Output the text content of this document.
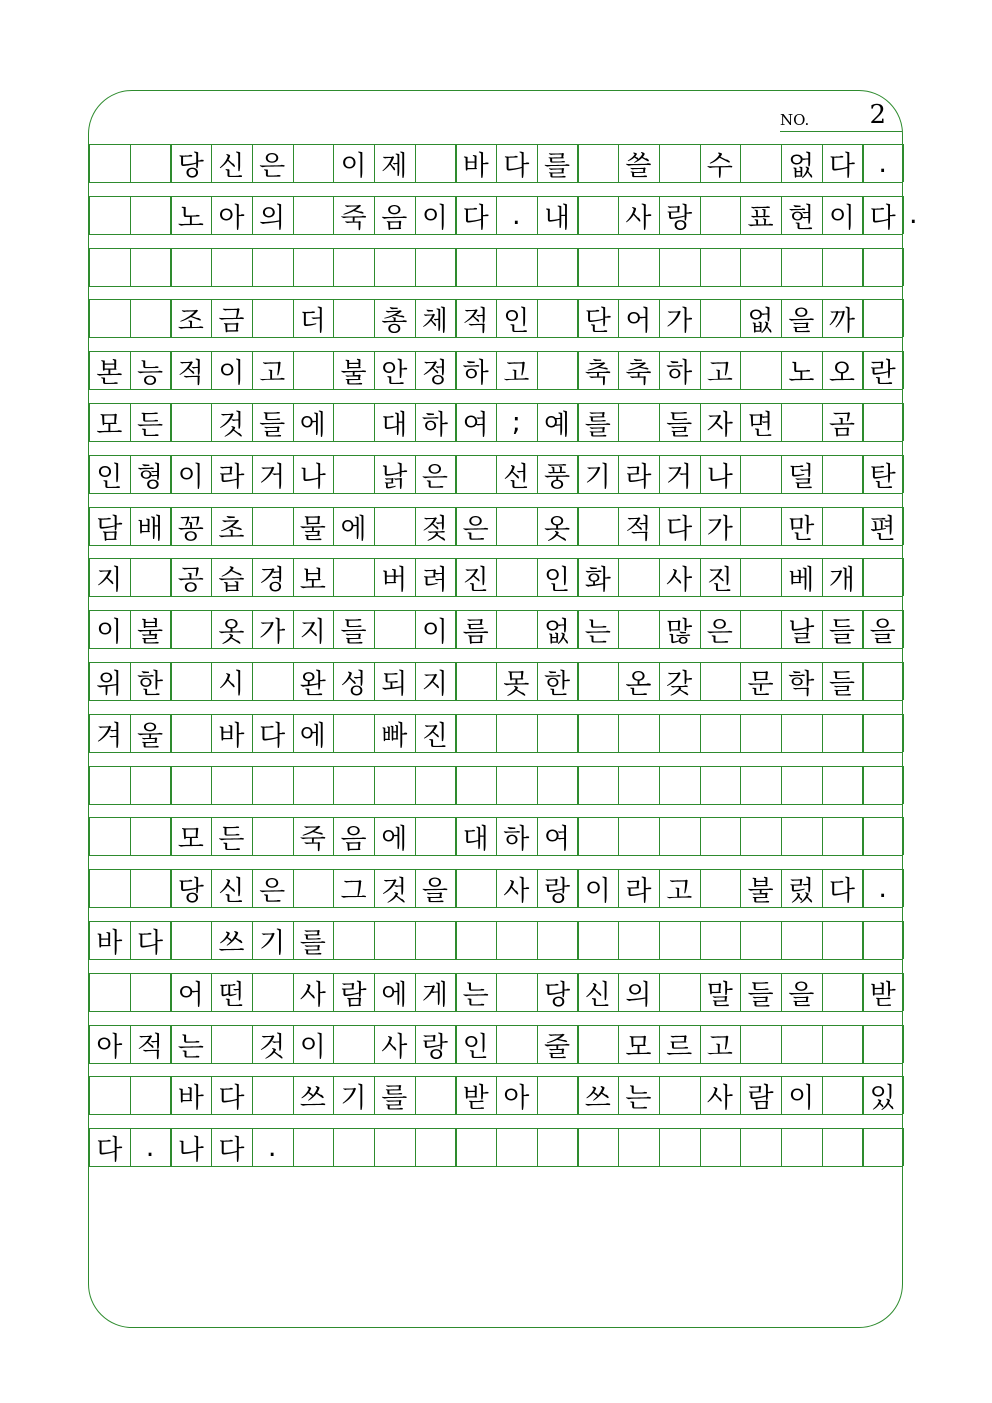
NO. 2
당 신 은 이 제 바 다 를 쓸 수 없 다 .
노 아 의 죽 음 이 다 . 내 사 랑 표 현 이 다
조 금 더 총 체 적 인 단 어 가 없 을 까
본 능 적 이 고 불 안 정 하 고 축 축 하 고 노 오 란
모 든 것 들 에 대 하 여 ; 예 를 들 자 면 곰
인 형 이 라 거 나 낡 은 선 풍 기 라 거 나 덜 탄
담 배 꽁 초 물 에 젖 은 옷 적 다 가 만 편
지 공 습 경 보 버 려 진 인 화 사 진 베 개
이 불 옷 가 지 들 이 름 없 는 많 은 날 들 을
위 한 시 완 성 되 지 못 한 온 갖 문 학 들
겨 울 바 다 에 빠 진
모 든 죽 음 에 대 하 여
당 신 은 그 것 을 사 랑 이 라 고 불 렀 다 .
바 다 쓰 기 를
어 떤 사 람 에 게 는 당 신 의 말 들 을 받
아 적 는 것 이 사 랑 인 줄 모 르 고
바 다 쓰 기 를 받 아 쓰 는 사 람 이 있
다 . 나 다 .
.
